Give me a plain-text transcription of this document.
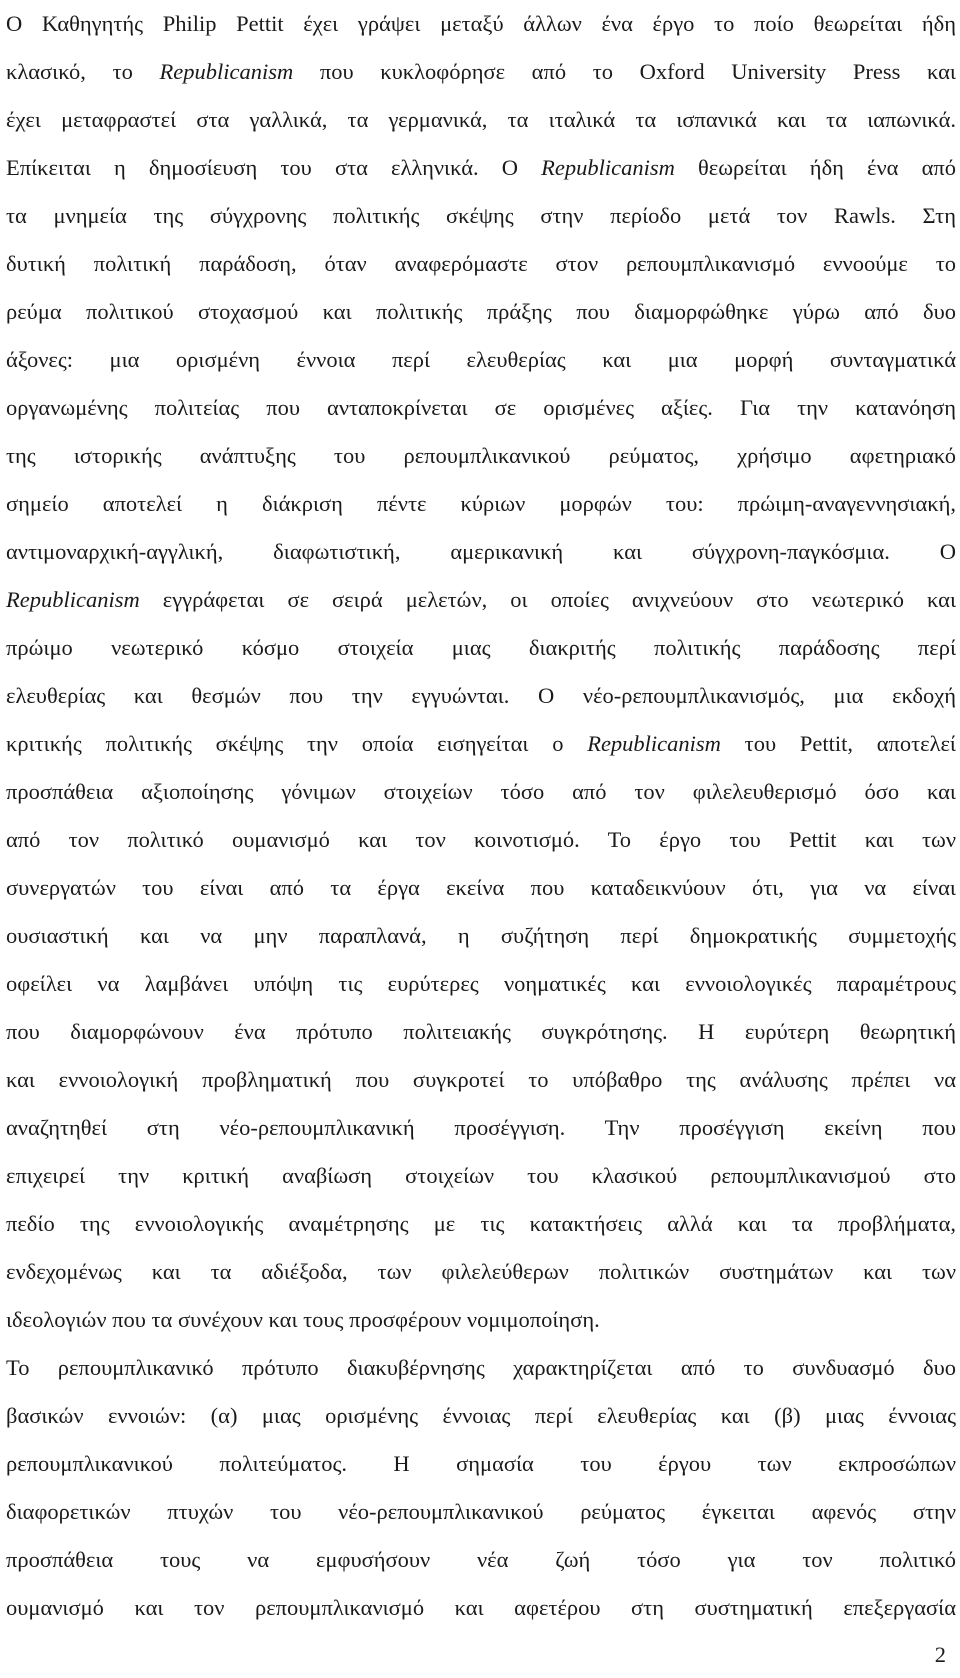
Ο Καθηγητής Philip Pettit έχει γράψει μεταξύ άλλων ένα έργο το ποίο θεωρείται ήδη
κλασικό, το Republicanism που κυκλοφόρησε από το Oxford University Press και
έχει μεταφραστεί στα γαλλικά, τα γερμανικά, τα ιταλικά τα ισπανικά και τα ιαπωνικά.
Επίκειται η δημοσίευση του στα ελληνικά. Ο Republicanism θεωρείται ήδη ένα από
τα μνημεία της σύγχρονης πολιτικής σκέψης στην περίοδο μετά τον Rawls. Στη
δυτική πολιτική παράδοση, όταν αναφερόμαστε στον ρεπουμπλικανισμό εννοούμε το
ρεύμα πολιτικού στοχασμού και πολιτικής πράξης που διαμορφώθηκε γύρω από δυο
άξονες: μια ορισμένη έννοια περί ελευθερίας και μια μορφή συνταγματικά
οργανωμένης πολιτείας που ανταποκρίνεται σε ορισμένες αξίες. Για την κατανόηση
της ιστορικής ανάπτυξης του ρεπουμπλικανικού ρεύματος, χρήσιμο αφετηριακό
σημείο αποτελεί η διάκριση πέντε κύριων μορφών του: πρώιμη-αναγεννησιακή,
αντιμοναρχική-αγγλική, διαφωτιστική, αμερικανική και σύγχρονη-παγκόσμια. Ο
Republicanism εγγράφεται σε σειρά μελετών, οι οποίες ανιχνεύουν στο νεωτερικό και
πρώιμο νεωτερικό κόσμο στοιχεία μιας διακριτής πολιτικής παράδοσης περί
ελευθερίας και θεσμών που την εγγυώνται. Ο νέο-ρεπουμπλικανισμός, μια εκδοχή
κριτικής πολιτικής σκέψης την οποία εισηγείται ο Republicanism του Pettit, αποτελεί
προσπάθεια αξιοποίησης γόνιμων στοιχείων τόσο από τον φιλελευθερισμό όσο και
από τον πολιτικό ουμανισμό και τον κοινοτισμό. Το έργο του Pettit και των
συνεργατών του είναι από τα έργα εκείνα που καταδεικνύουν ότι, για να είναι
ουσιαστική και να μην παραπλανά, η συζήτηση περί δημοκρατικής συμμετοχής
οφείλει να λαμβάνει υπόψη τις ευρύτερες νοηματικές και εννοιολογικές παραμέτρους
που διαμορφώνουν ένα πρότυπο πολιτειακής συγκρότησης. Η ευρύτερη θεωρητική
και εννοιολογική προβληματική που συγκροτεί το υπόβαθρο της ανάλυσης πρέπει να
αναζητηθεί στη νέο-ρεπουμπλικανική προσέγγιση. Την προσέγγιση εκείνη που
επιχειρεί την κριτική αναβίωση στοιχείων του κλασικού ρεπουμπλικανισμού στο
πεδίο της εννοιολογικής αναμέτρησης με τις κατακτήσεις αλλά και τα προβλήματα,
ενδεχομένως και τα αδιέξοδα, των φιλελεύθερων πολιτικών συστημάτων και των
ιδεολογιών που τα συνέχουν και τους προσφέρουν νομιμοποίηση.
Το ρεπουμπλικανικό πρότυπο διακυβέρνησης χαρακτηρίζεται από το συνδυασμό δυο
βασικών εννοιών: (α) μιας ορισμένης έννοιας περί ελευθερίας και (β) μιας έννοιας
ρεπουμπλικανικού πολιτεύματος. Η σημασία του έργου των εκπροσώπων
διαφορετικών πτυχών του νέο-ρεπουμπλικανικού ρεύματος έγκειται αφενός στην
προσπάθεια τους να εμφυσήσουν νέα ζωή τόσο για τον πολιτικό
ουμανισμό και τον ρεπουμπλικανισμό και αφετέρου στη συστηματική επεξεργασία
2
